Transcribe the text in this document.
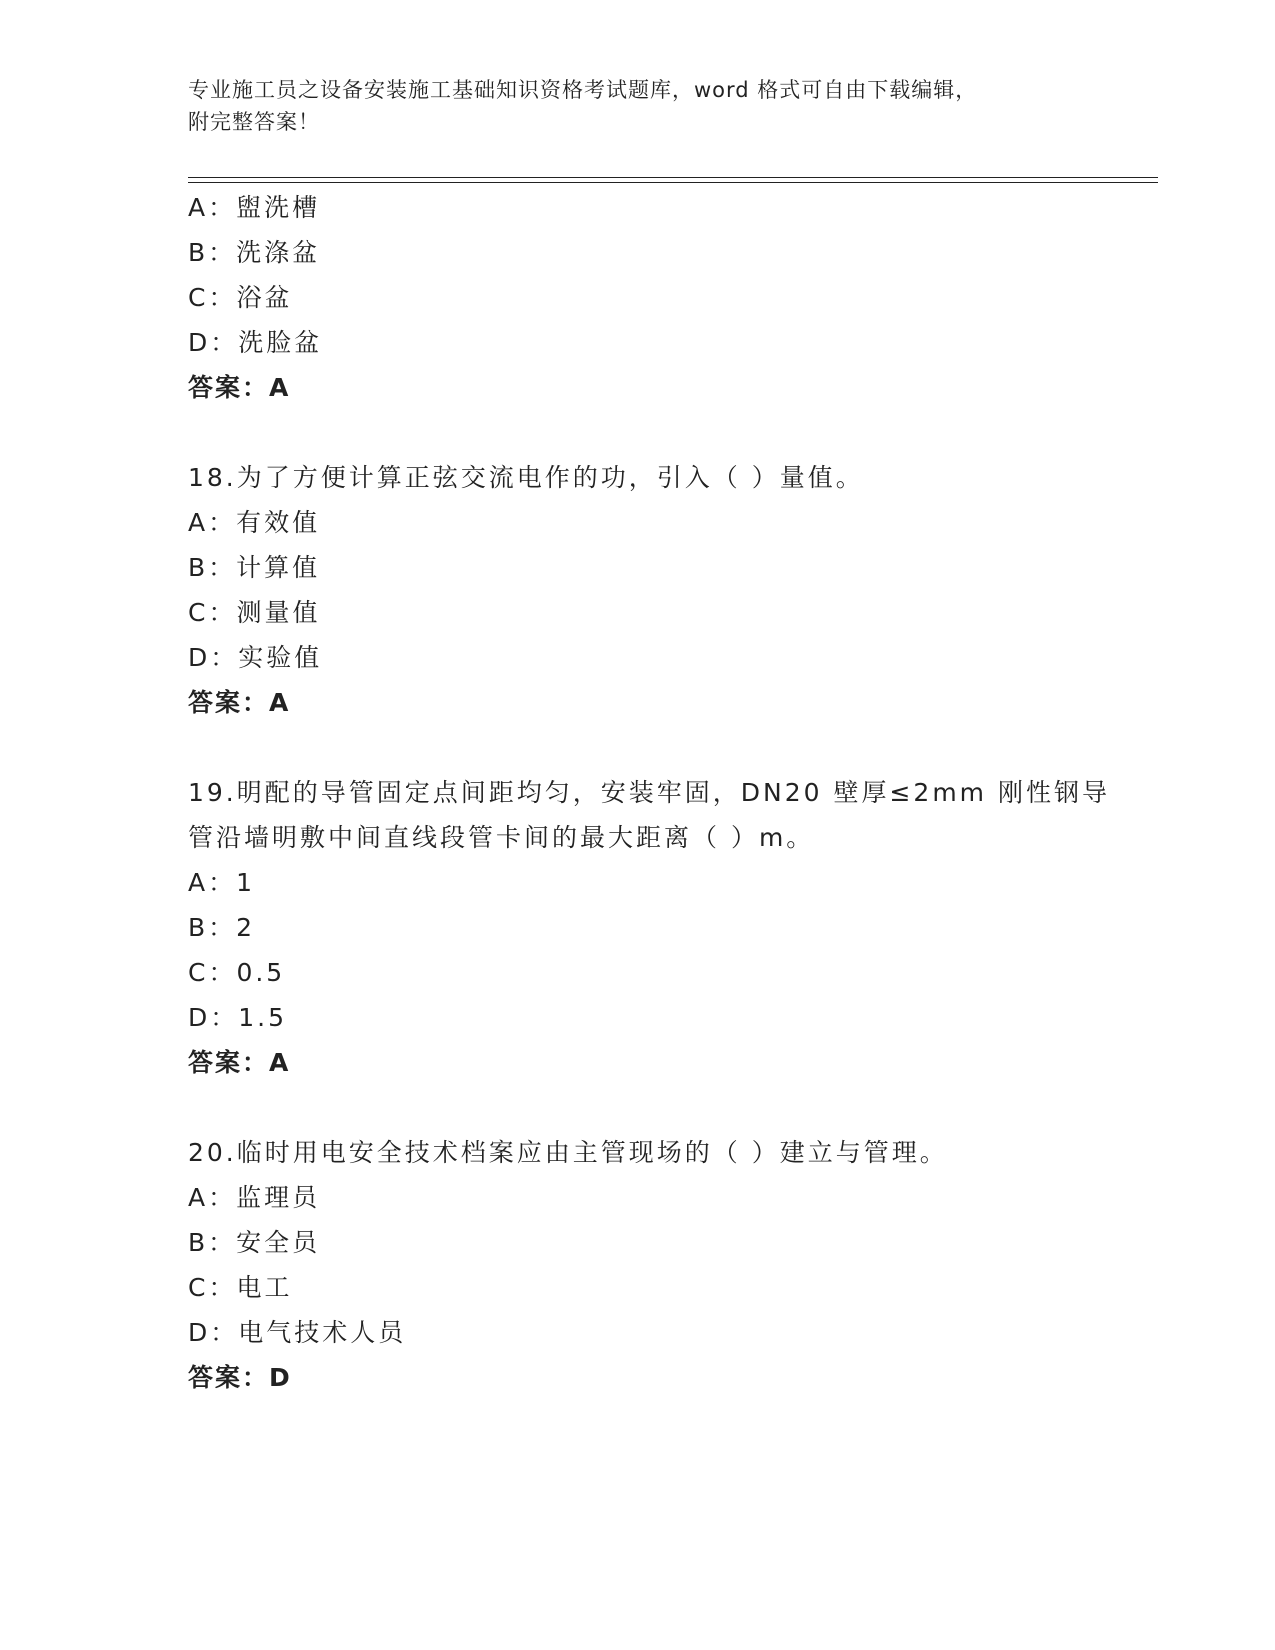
专业施工员之设备安装施工基础知识资格考试题库，word 格式可自由下载编辑，
附完整答案！
A：盥洗槽
B：洗涤盆
C：浴盆
D：洗脸盆
答案：A
18.为了方便计算正弦交流电作的功，引入（ ）量值。
A：有效值
B：计算值
C：测量值
D：实验值
答案：A
19.明配的导管固定点间距均匀，安装牢固，DN20 壁厚≤2mm 刚性钢导
管沿墙明敷中间直线段管卡间的最大距离（ ）m。
A：1
B：2
C：0.5
D：1.5
答案：A
20.临时用电安全技术档案应由主管现场的（ ）建立与管理。
A：监理员
B：安全员
C：电工
D：电气技术人员
答案：D
